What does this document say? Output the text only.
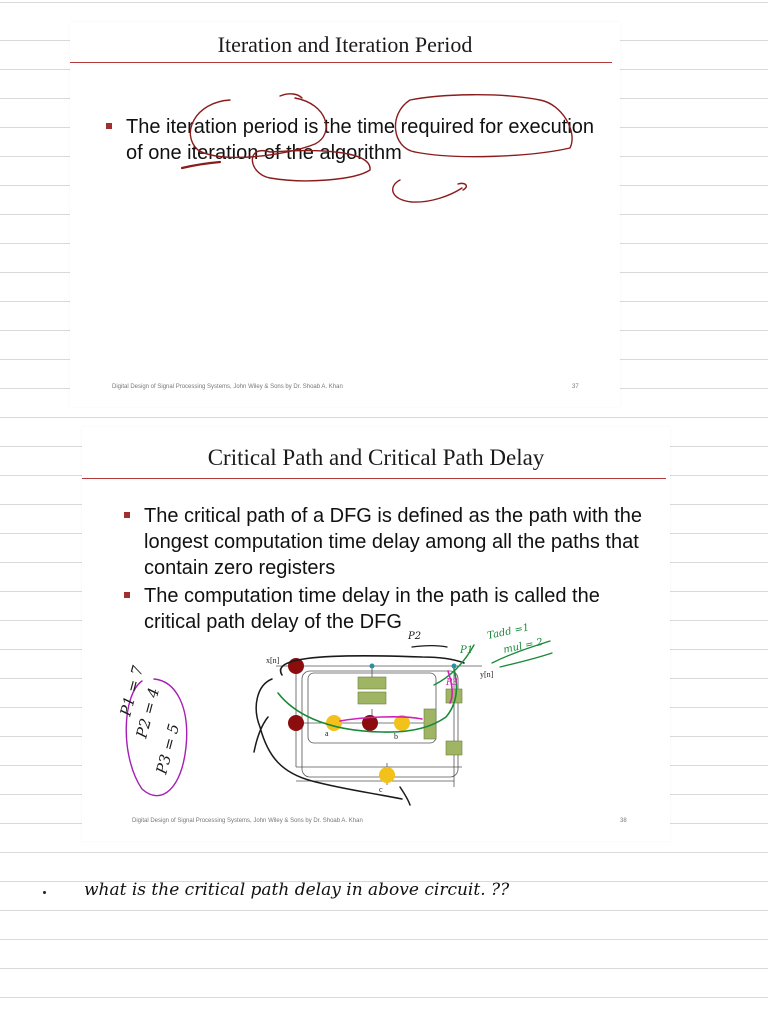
Iteration and Iteration Period
The iteration period is the time required for execution of one iteration of the algorithm
Digital Design of Signal Processing Systems, John Wiley & Sons by Dr. Shoab A. Khan	37
Critical Path and Critical Path Delay
The critical path of a DFG is defined as the path with the longest computation time delay among all the paths that contain zero registers
The computation time delay in the path is called the critical path delay of the DFG
x[n]
y[n]
a	b
c
P2
P1
P3
Tadd =1
mul = 2
P1 = 7
P2 = 4
P3 = 5
Digital Design of Signal Processing Systems, John Wiley & Sons by Dr. Shoab A. Khan	38
what is the critical path delay in above circuit. ??
